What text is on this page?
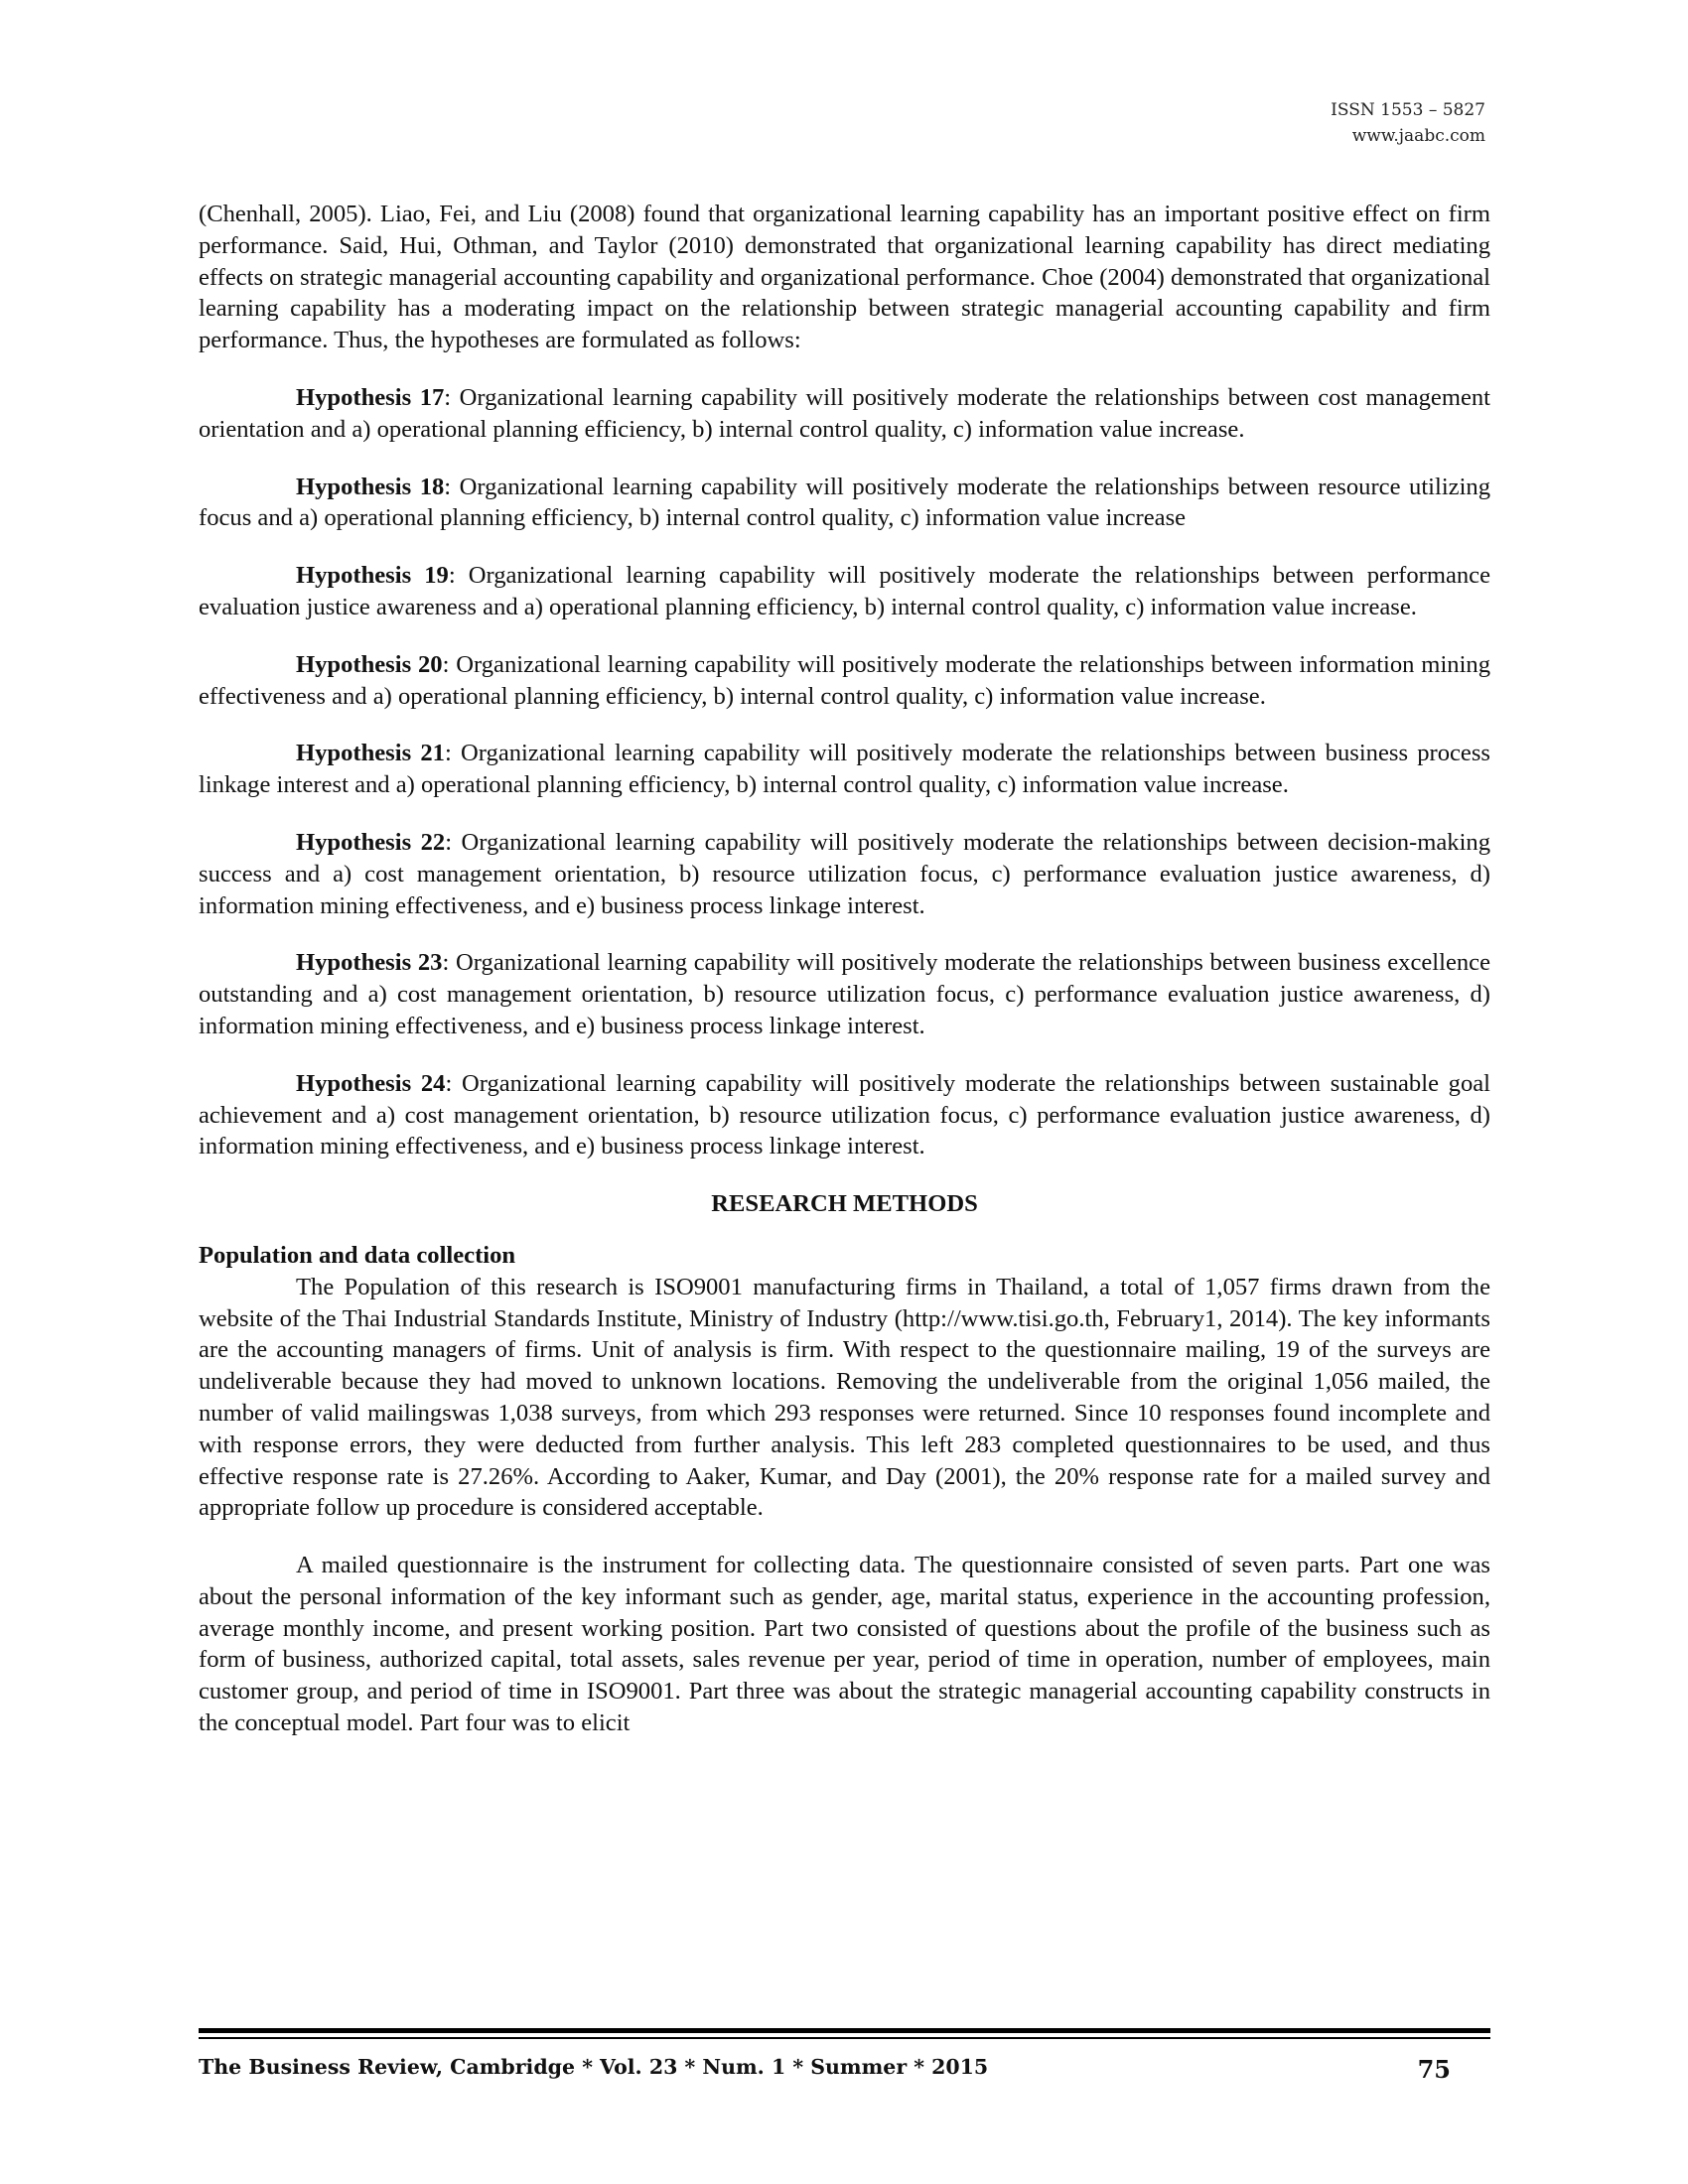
ISSN 1553 – 5827
www.jaabc.com

(Chenhall, 2005). Liao, Fei, and Liu (2008) found that organizational learning capability has an important positive effect on firm performance. Said, Hui, Othman, and Taylor (2010) demonstrated that organizational learning capability has direct mediating effects on strategic managerial accounting capability and organizational performance. Choe (2004) demonstrated that organizational learning capability has a moderating impact on the relationship between strategic managerial accounting capability and firm performance. Thus, the hypotheses are formulated as follows:

Hypothesis 17: Organizational learning capability will positively moderate the relationships between cost management orientation and a) operational planning efficiency, b) internal control quality, c) information value increase.

Hypothesis 18: Organizational learning capability will positively moderate the relationships between resource utilizing focus and a) operational planning efficiency, b) internal control quality, c) information value increase

Hypothesis 19: Organizational learning capability will positively moderate the relationships between performance evaluation justice awareness and a) operational planning efficiency, b) internal control quality, c) information value increase.

Hypothesis 20: Organizational learning capability will positively moderate the relationships between information mining effectiveness and a) operational planning efficiency, b) internal control quality, c) information value increase.

Hypothesis 21: Organizational learning capability will positively moderate the relationships between business process linkage interest and a) operational planning efficiency, b) internal control quality, c) information value increase.

Hypothesis 22: Organizational learning capability will positively moderate the relationships between decision-making success and a) cost management orientation, b) resource utilization focus, c) performance evaluation justice awareness, d) information mining effectiveness, and e) business process linkage interest.

Hypothesis 23: Organizational learning capability will positively moderate the relationships between business excellence outstanding and a) cost management orientation, b) resource utilization focus, c) performance evaluation justice awareness, d) information mining effectiveness, and e) business process linkage interest.

Hypothesis 24: Organizational learning capability will positively moderate the relationships between sustainable goal achievement and a) cost management orientation, b) resource utilization focus, c) performance evaluation justice awareness, d) information mining effectiveness, and e) business process linkage interest.

RESEARCH METHODS

Population and data collection

The Population of this research is ISO9001 manufacturing firms in Thailand, a total of 1,057 firms drawn from the website of the Thai Industrial Standards Institute, Ministry of Industry (http://www.tisi.go.th, February1, 2014). The key informants are the accounting managers of firms. Unit of analysis is firm. With respect to the questionnaire mailing, 19 of the surveys are undeliverable because they had moved to unknown locations. Removing the undeliverable from the original 1,056 mailed, the number of valid mailingswas 1,038 surveys, from which 293 responses were returned. Since 10 responses found incomplete and with response errors, they were deducted from further analysis. This left 283 completed questionnaires to be used, and thus effective response rate is 27.26%. According to Aaker, Kumar, and Day (2001), the 20% response rate for a mailed survey and appropriate follow up procedure is considered acceptable.

A mailed questionnaire is the instrument for collecting data. The questionnaire consisted of seven parts. Part one was about the personal information of the key informant such as gender, age, marital status, experience in the accounting profession, average monthly income, and present working position. Part two consisted of questions about the profile of the business such as form of business, authorized capital, total assets, sales revenue per year, period of time in operation, number of employees, main customer group, and period of time in ISO9001. Part three was about the strategic managerial accounting capability constructs in the conceptual model. Part four was to elicit

The Business Review, Cambridge * Vol. 23 * Num. 1 * Summer * 2015	75
